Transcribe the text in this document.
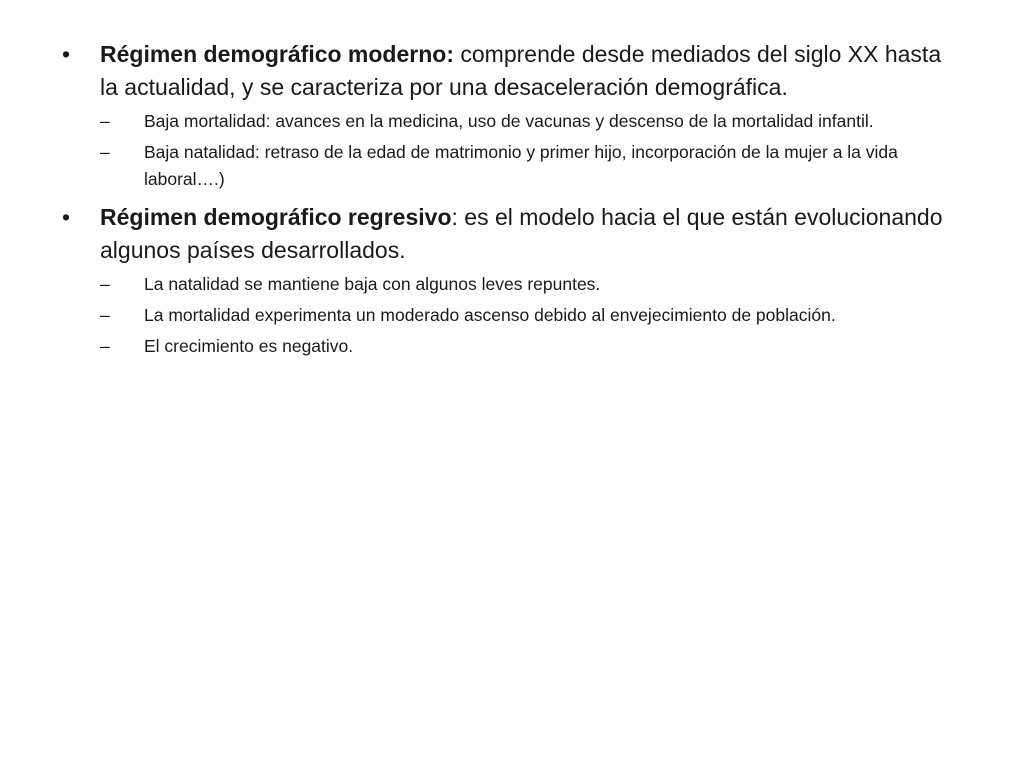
•	Régimen demográfico moderno: comprende desde mediados del siglo XX hasta la actualidad, y se caracteriza por una desaceleración demográfica.
–	Baja mortalidad: avances en la medicina, uso de vacunas y descenso de la mortalidad infantil.
–	Baja natalidad: retraso de la edad de matrimonio y primer hijo, incorporación de la mujer a la vida laboral….)
•	Régimen demográfico regresivo: es el modelo hacia el que están evolucionando algunos países desarrollados.
–	La natalidad se mantiene baja con algunos leves repuntes.
–	La mortalidad experimenta un moderado ascenso debido al envejecimiento de población.
–	El crecimiento es negativo.
